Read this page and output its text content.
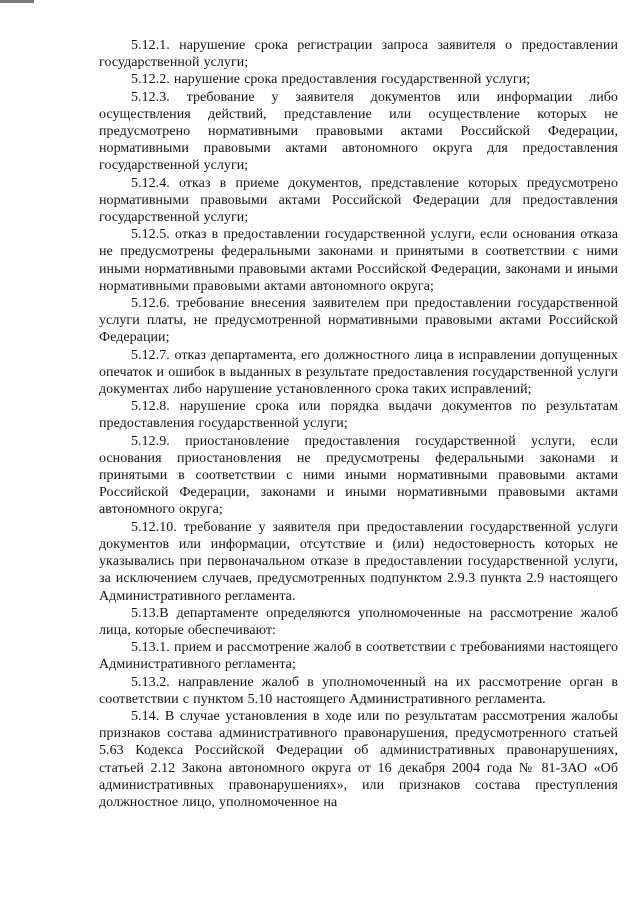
5.12.1. нарушение срока регистрации запроса заявителя о предоставлении государственной услуги;

5.12.2. нарушение срока предоставления государственной услуги;

5.12.3. требование у заявителя документов или информации либо осуществления действий, представление или осуществление которых не предусмотрено нормативными правовыми актами Российской Федерации, нормативными правовыми актами автономного округа для предоставления государственной услуги;

5.12.4. отказ в приеме документов, представление которых предусмотрено нормативными правовыми актами Российской Федерации для предоставления государственной услуги;

5.12.5. отказ в предоставлении государственной услуги, если основания отказа не предусмотрены федеральными законами и принятыми в соответствии с ними иными нормативными правовыми актами Российской Федерации, законами и иными нормативными правовыми актами автономного округа;

5.12.6. требование внесения заявителем при предоставлении государственной услуги платы, не предусмотренной нормативными правовыми актами Российской Федерации;

5.12.7. отказ департамента, его должностного лица в исправлении допущенных опечаток и ошибок в выданных в результате предоставления государственной услуги документах либо нарушение установленного срока таких исправлений;

5.12.8. нарушение срока или порядка выдачи документов по результатам предоставления государственной услуги;

5.12.9. приостановление предоставления государственной услуги, если основания приостановления не предусмотрены федеральными законами и принятыми в соответствии с ними иными нормативными правовыми актами Российской Федерации, законами и иными нормативными правовыми актами автономного округа;

5.12.10. требование у заявителя при предоставлении государственной услуги документов или информации, отсутствие и (или) недостоверность которых не указывались при первоначальном отказе в предоставлении государственной услуги, за исключением случаев, предусмотренных подпунктом 2.9.3 пункта 2.9 настоящего Административного регламента.

5.13.В департаменте определяются уполномоченные на рассмотрение жалоб лица, которые обеспечивают:

5.13.1. прием и рассмотрение жалоб в соответствии с требованиями настоящего Административного регламента;

5.13.2. направление жалоб в уполномоченный на их рассмотрение орган в соответствии с пунктом 5.10 настоящего Административного регламента.

5.14. В случае установления в ходе или по результатам рассмотрения жалобы признаков состава административного правонарушения, предусмотренного статьей 5.63 Кодекса Российской Федерации об административных правонарушениях, статьей 2.12 Закона автономного округа от 16 декабря 2004 года № 81-3АО «Об административных правонарушениях», или признаков состава преступления должностное лицо, уполномоченное на
